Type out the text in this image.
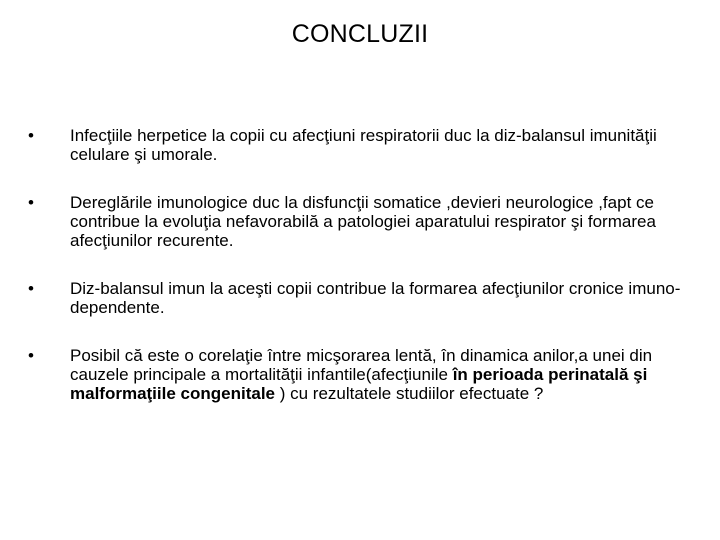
CONCLUZII
•	Infecţiile herpetice la copii cu afecţiuni respiratorii duc la diz-balansul imunităţii celulare şi umorale.
•	Dereglările imunologice duc la disfuncţii somatice ,devieri neurologice ,fapt ce contribue la evoluţia nefavorabilă a patologiei aparatului respirator şi formarea afecţiunilor recurente.
•	Diz-balansul imun la aceşti copii contribue la formarea afecţiunilor cronice imuno-dependente.
•	Posibil că este o corelaţie între micşorarea lentă, în dinamica anilor,a unei din cauzele principale a mortalităţii infantile(afecţiunile în perioada perinatală şi malformaţiile congenitale ) cu rezultatele studiilor efectuate ?
